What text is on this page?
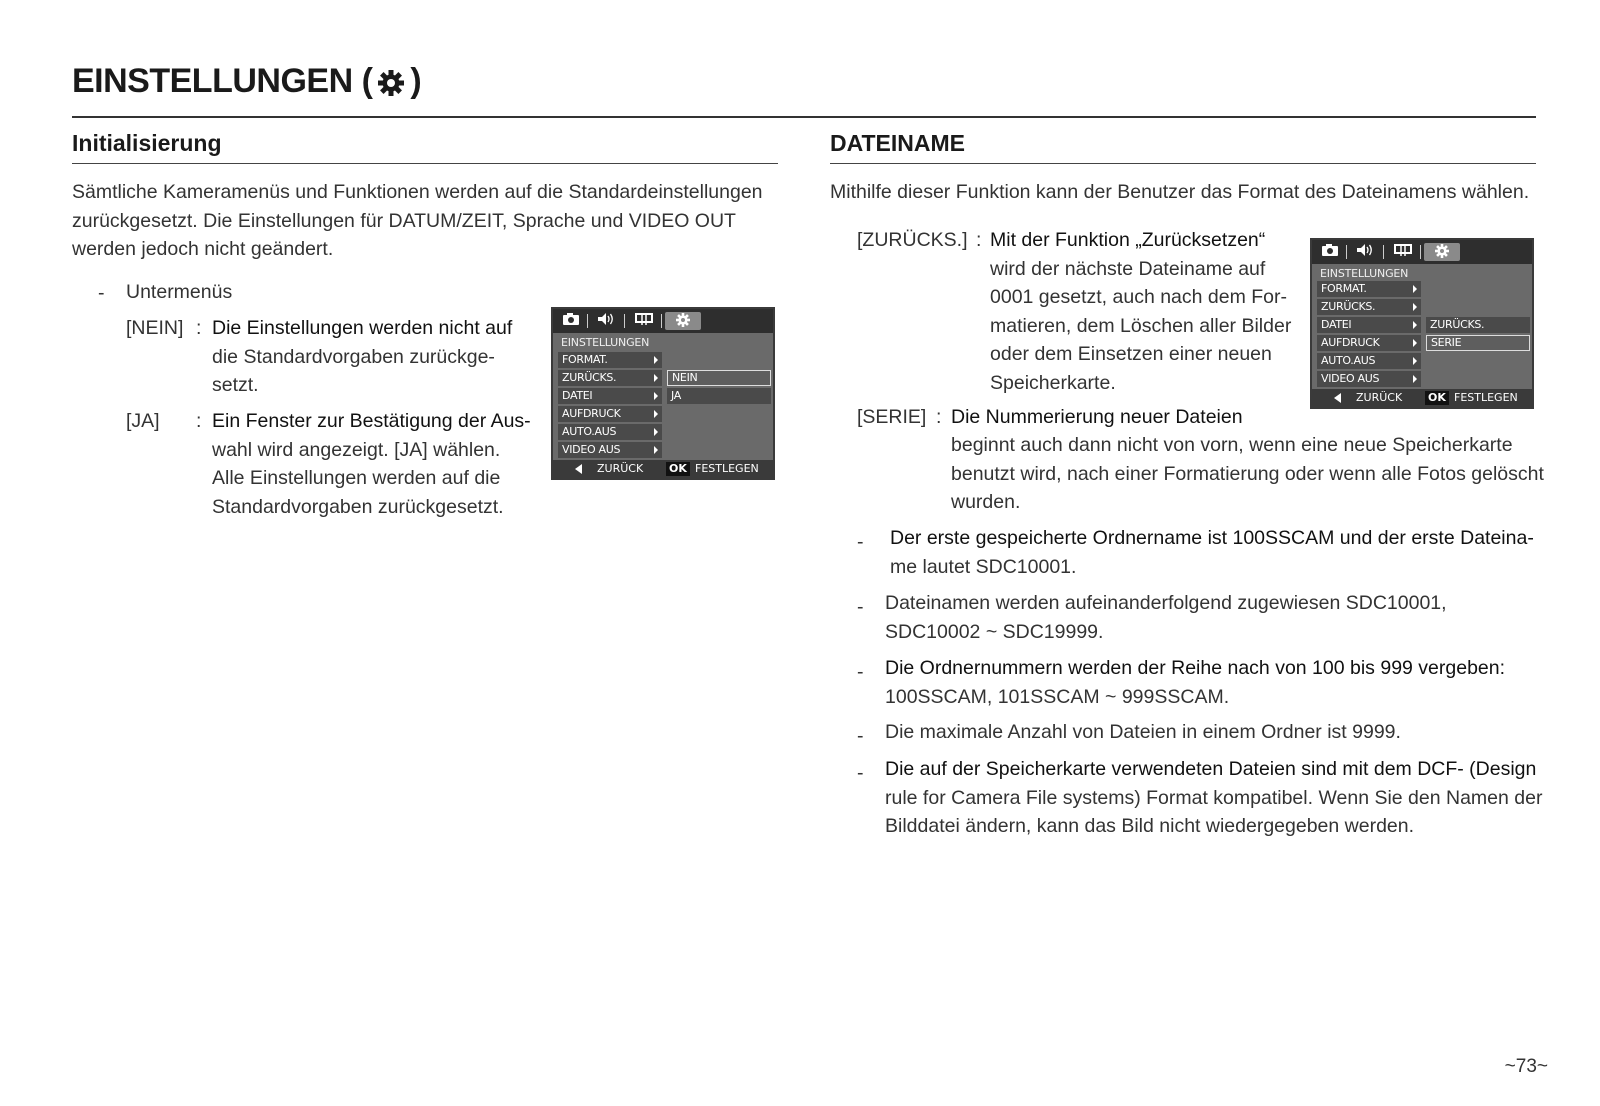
EINSTELLUNGEN ( )
Initialisierung
Sämtliche Kameramenüs und Funktionen werden auf die Standardeinstellungen
zurückgesetzt. Die Einstellungen für DATUM/ZEIT, Sprache und VIDEO OUT
werden jedoch nicht geändert.
- Untermenüs
[NEIN] : Die Einstellungen werden nicht auf
die Standardvorgaben zurückge-
setzt.
[JA] : Ein Fenster zur Bestätigung der Aus-
wahl wird angezeigt. [JA] wählen.
Alle Einstellungen werden auf die
Standardvorgaben zurückgesetzt.
EINSTELLUNGEN
FORMAT.
ZURÜCKS.
DATEI
AUFDRUCK
AUTO.AUS
VIDEO AUS
NEIN
JA
ZURÜCK OK FESTLEGEN
DATEINAME
Mithilfe dieser Funktion kann der Benutzer das Format des Dateinamens wählen.
[ZURÜCKS.] : Mit der Funktion „Zurücksetzen“
wird der nächste Dateiname auf
0001 gesetzt, auch nach dem For-
matieren, dem Löschen aller Bilder
oder dem Einsetzen einer neuen
Speicherkarte.
[SERIE] : Die Nummerierung neuer Dateien
beginnt auch dann nicht von vorn, wenn eine neue Speicherkarte
benutzt wird, nach einer Formatierung oder wenn alle Fotos gelöscht
wurden.
- Der erste gespeicherte Ordnername ist 100SSCAM und der erste Dateina-
me lautet SDC10001.
- Dateinamen werden aufeinanderfolgend zugewiesen SDC10001,
SDC10002 ~ SDC19999.
- Die Ordnernummern werden der Reihe nach von 100 bis 999 vergeben:
100SSCAM, 101SSCAM ~ 999SSCAM.
- Die maximale Anzahl von Dateien in einem Ordner ist 9999.
- Die auf der Speicherkarte verwendeten Dateien sind mit dem DCF- (Design
rule for Camera File systems) Format kompatibel. Wenn Sie den Namen der
Bilddatei ändern, kann das Bild nicht wiedergegeben werden.
EINSTELLUNGEN
FORMAT.
ZURÜCKS.
DATEI
AUFDRUCK
AUTO.AUS
VIDEO AUS
ZURÜCKS.
SERIE
ZURÜCK OK FESTLEGEN
~73~
